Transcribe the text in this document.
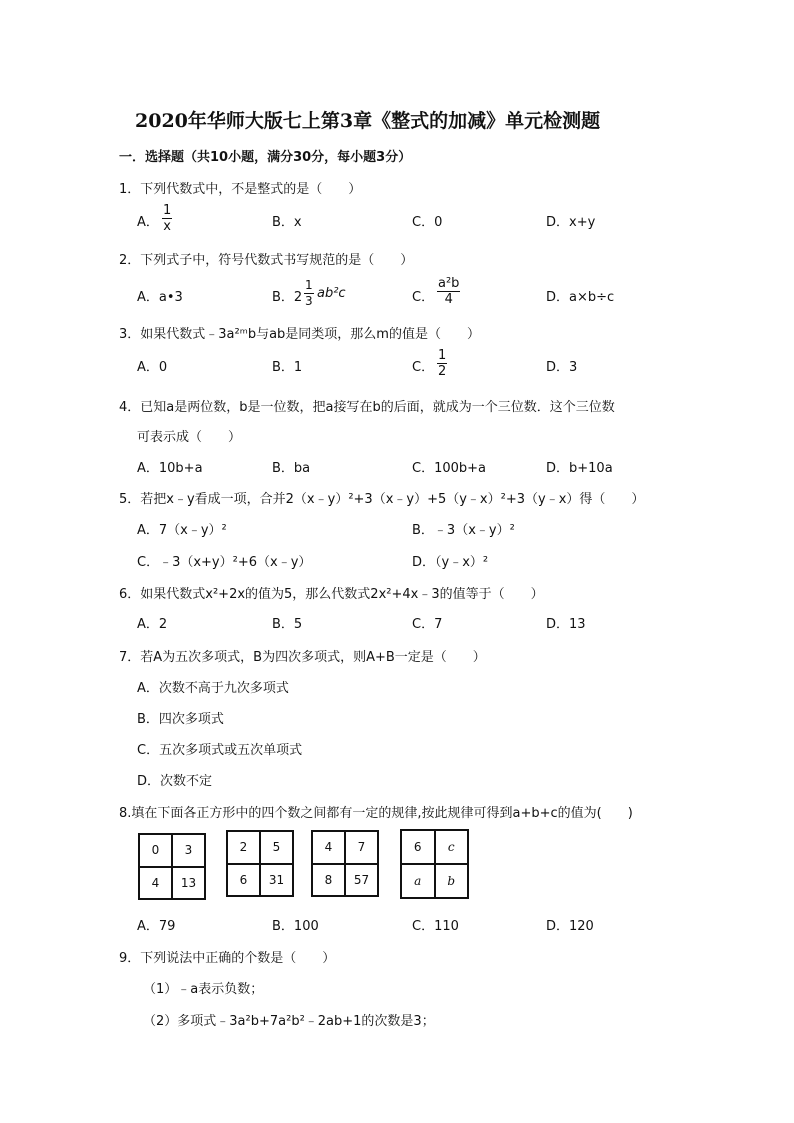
2020年华师大版七上第3章《整式的加减》单元检测题
一．选择题（共10小题，满分30分，每小题3分）
1．下列代数式中，不是整式的是（　　）
A． $\frac{1}{x}$	B．x	C．0	D．x+y
2．下列式子中，符号代数式书写规范的是（　　）
A．a•3	B．$2 \frac{1}{3} ab^2c$	C． $\frac{\text{a²b}}{4}$	D．a×b÷c
3．如果代数式﹣3a²ᵐb与ab是同类项，那么m的值是（　　）
A．0	B．1	C． $\frac{1}{2}$	D．3
4．已知a是两位数，b是一位数，把a接写在b的后面，就成为一个三位数．这个三位数
可表示成（　　）
A．10b+a	B．ba	C．100b+a	D．b+10a
5．若把x﹣y看成一项，合并2（x﹣y）²+3（x﹣y）+5（y﹣x）²+3（y﹣x）得（　　）
A．7（x﹣y）²	B．﹣3（x﹣y）²
C．﹣3（x+y）²+6（x﹣y）	D．（y﹣x）²
6．如果代数式x²+2x的值为5，那么代数式2x²+4x﹣3的值等于（　　）
A．2	B．5	C．7	D．13
7．若A为五次多项式，B为四次多项式，则A+B一定是（　　）
A．次数不高于九次多项式
B．四次多项式
C．五次多项式或五次单项式
D．次数不定
8.填在下面各正方形中的四个数之间都有一定的规律,按此规律可得到a+b+c的值为(　　)
0	3
4	13
2	5
6	31
4	7
8	57
6	c
a	b
A．79	B．100	C．110	D．120
9．下列说法中正确的个数是（　　）
（1）﹣a表示负数；
（2）多项式﹣3a²b+7a²b²﹣2ab+1的次数是3；
